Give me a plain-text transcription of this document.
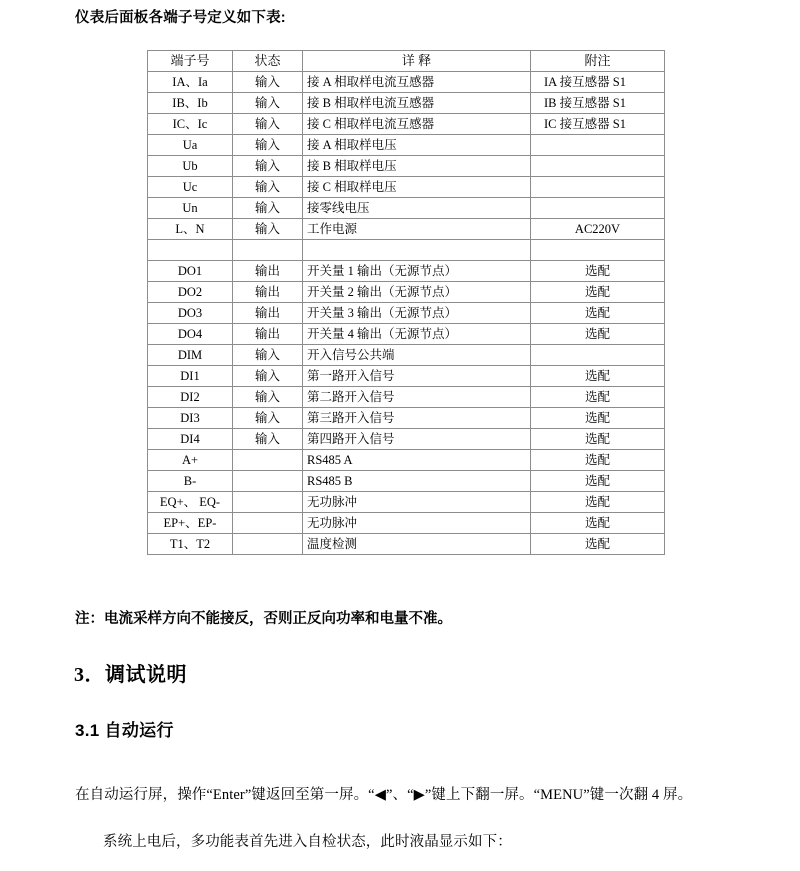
仪表后面板各端子号定义如下表:
端子号	状态	详 释	附注
IA、Ia	输入	接 A 相取样电流互感器	IA 接互感器 S1
IB、Ib	输入	接 B 相取样电流互感器	IB 接互感器 S1
IC、Ic	输入	接 C 相取样电流互感器	IC 接互感器 S1
Ua	输入	接 A 相取样电压	
Ub	输入	接 B 相取样电压	
Uc	输入	接 C 相取样电压	
Un	输入	接零线电压	
L、N	输入	工作电源	AC220V

DO1	输出	开关量 1 输出（无源节点）	选配
DO2	输出	开关量 2 输出（无源节点）	选配
DO3	输出	开关量 3 输出（无源节点）	选配
DO4	输出	开关量 4 输出（无源节点）	选配
DIM	输入	开入信号公共端	
DI1	输入	第一路开入信号	选配
DI2	输入	第二路开入信号	选配
DI3	输入	第三路开入信号	选配
DI4	输入	第四路开入信号	选配
A+		RS485 A	选配
B-		RS485 B	选配
EQ+、 EQ-		无功脉冲	选配
EP+、EP-		无功脉冲	选配
T1、T2		温度检测	选配
注：电流采样方向不能接反，否则正反向功率和电量不准。
3．调试说明
3.1 自动运行
在自动运行屏，操作“Enter”键返回至第一屏。“◀”、“▶”键上下翻一屏。“MENU”键一次翻 4 屏。
系统上电后，多功能表首先进入自检状态，此时液晶显示如下：
